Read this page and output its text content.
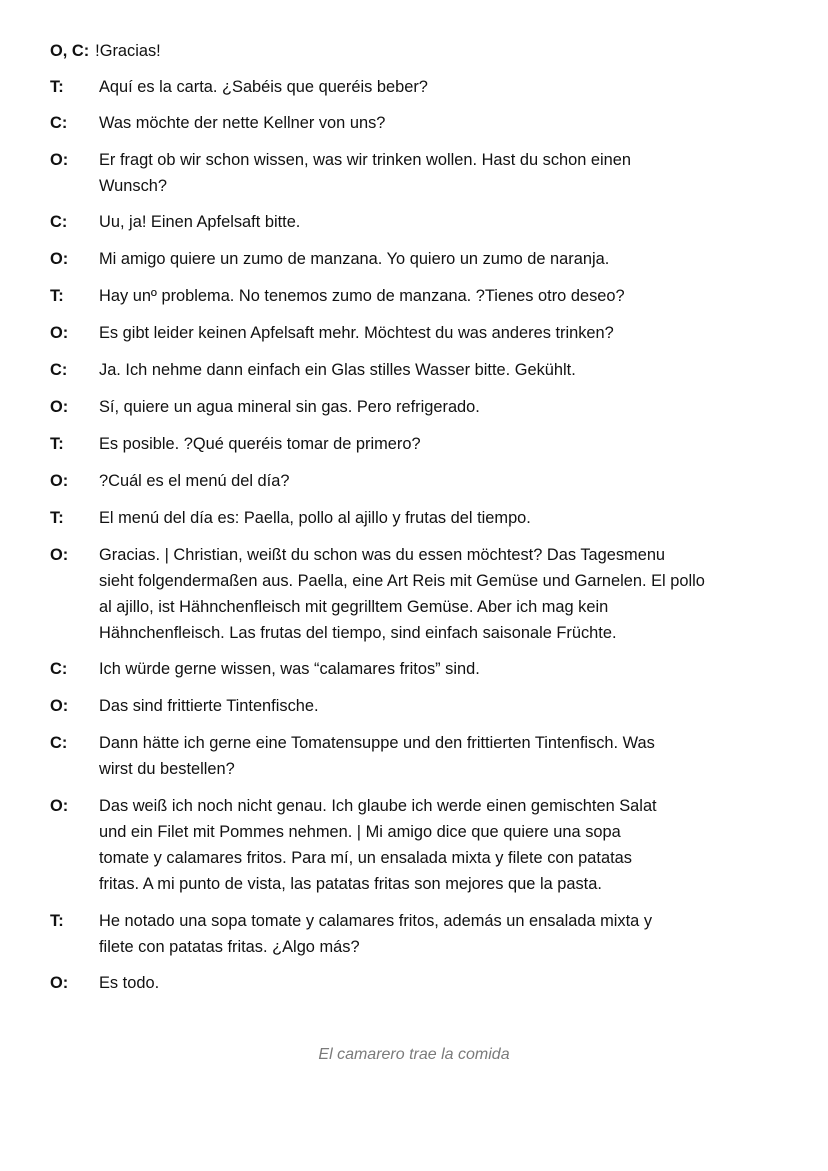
O, C: !Gracias!

T:	Aquí es la carta. ¿Sabéis que queréis beber?

C:	Was möchte der nette Kellner von uns?

O:	Er fragt ob wir schon wissen, was wir trinken wollen. Hast du schon einen
Wunsch?

C:	Uu, ja! Einen Apfelsaft bitte.

O:	Mi amigo quiere un zumo de manzana. Yo quiero un zumo de naranja.

T:	Hay unº problema. No tenemos zumo de manzana. ?Tienes otro deseo?

O:	Es gibt leider keinen Apfelsaft mehr. Möchtest du was anderes trinken?

C:	Ja. Ich nehme dann einfach ein Glas stilles Wasser bitte. Gekühlt.

O:	Sí, quiere un agua mineral sin gas. Pero refrigerado.

T:	Es posible. ?Qué queréis tomar de primero?

O:	?Cuál es el menú del día?

T:	El menú del día es: Paella, pollo al ajillo y frutas del tiempo.

O:	Gracias. | Christian, weißt du schon was du essen möchtest? Das Tagesmenu
sieht folgendermaßen aus. Paella, eine Art Reis mit Gemüse und Garnelen. El pollo
al ajillo, ist Hähnchenfleisch mit gegrilltem Gemüse. Aber ich mag kein
Hähnchenfleisch. Las frutas del tiempo, sind einfach saisonale Früchte.

C:	Ich würde gerne wissen, was “calamares fritos” sind.

O:	Das sind frittierte Tintenfische.

C:	Dann hätte ich gerne eine Tomatensuppe und den frittierten Tintenfisch. Was
wirst du bestellen?

O:	Das weiß ich noch nicht genau. Ich glaube ich werde einen gemischten Salat
und ein Filet mit Pommes nehmen. | Mi amigo dice que quiere una sopa
tomate y calamares fritos. Para mí, un ensalada mixta y filete con patatas
fritas. A mi punto de vista, las patatas fritas son mejores que la pasta.

T:	He notado una sopa tomate y calamares fritos, además un ensalada mixta y
filete con patatas fritas. ¿Algo más?

O:	Es todo.

El camarero trae la comida
